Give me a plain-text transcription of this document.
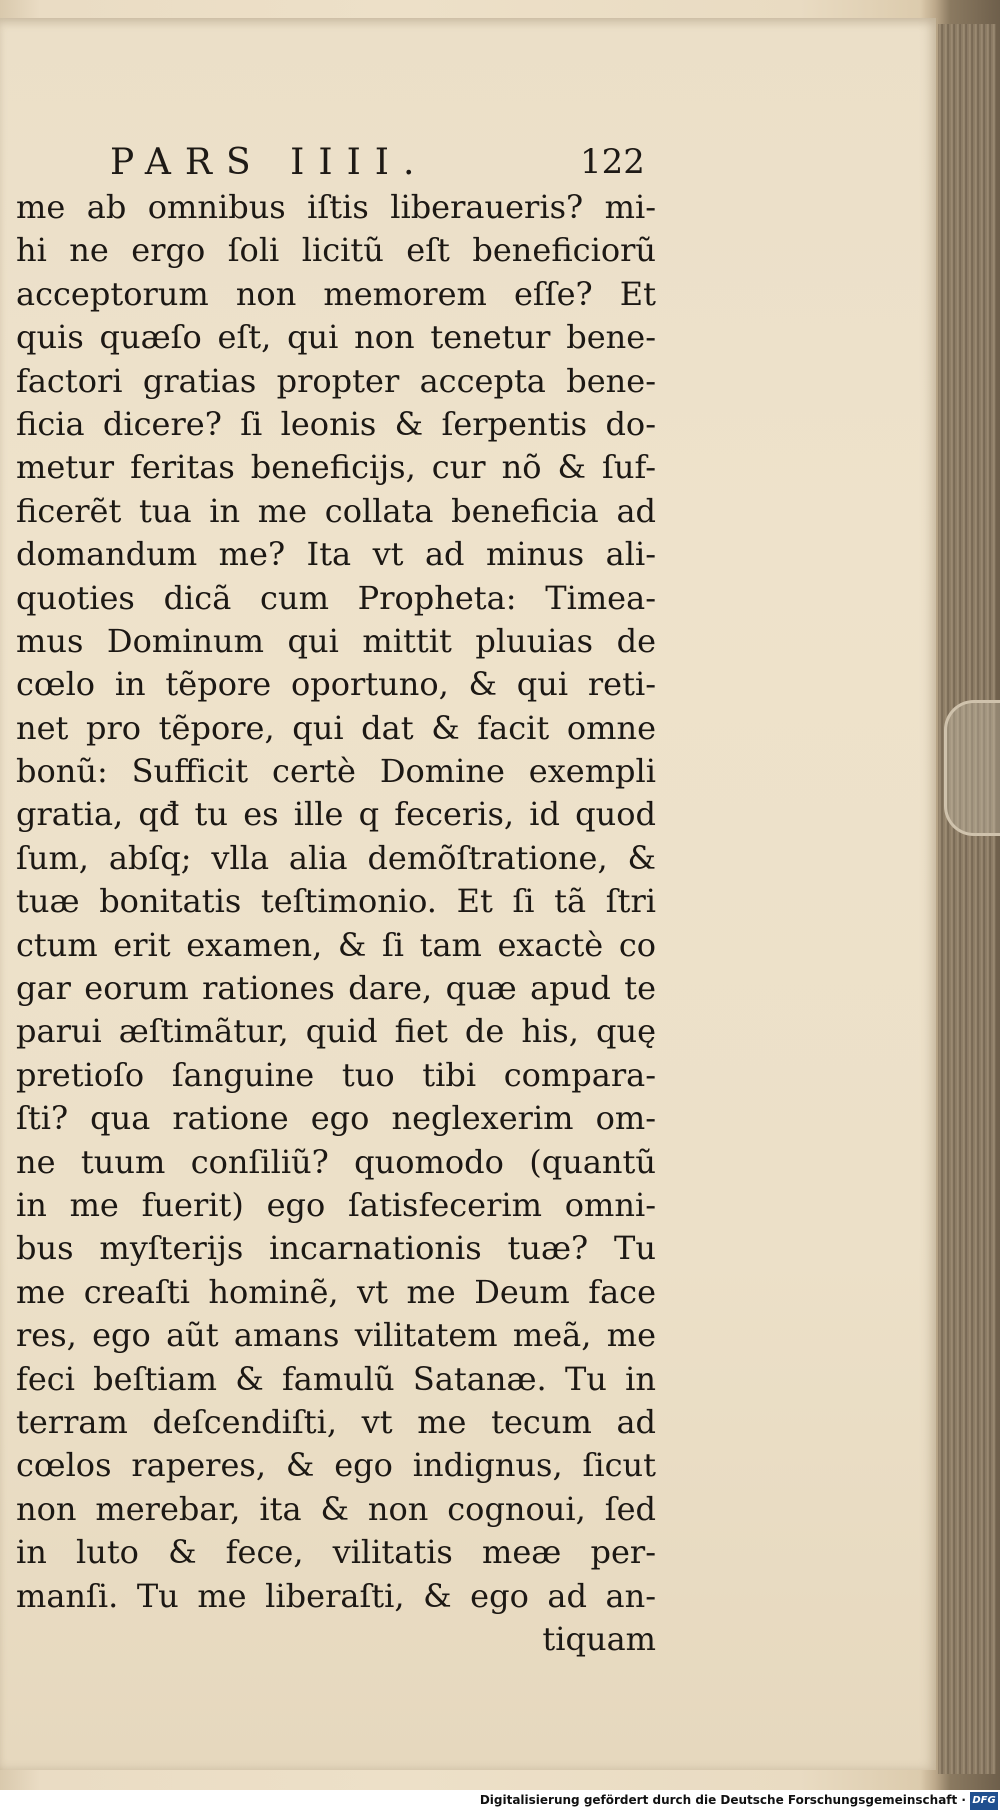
PARS IIII.	122
me ab omnibus iſtis liberaueris? mi-
hi ne ergo ſoli licitũ eſt beneficiorũ
acceptorum non memorem eſſe? Et
quis quæſo eſt, qui non tenetur bene-
factori gratias propter accepta bene-
ficia dicere? ſi leonis & ſerpentis do-
metur feritas beneficijs, cur nõ & ſuf-
ficerẽt tua in me collata beneficia ad
domandum me? Ita vt ad minus ali-
quoties dicã cum Propheta: Timea-
mus Dominum qui mittit pluuias de
cœlo in tẽpore oportuno, & qui reti-
net pro tẽpore, qui dat & facit omne
bonũ: Sufficit certè Domine exempli
gratia, qđ tu es ille q feceris, id quod
ſum, abſq; vlla alia demõſtratione, &
tuæ bonitatis teſtimonio. Et ſi tã ſtri
ctum erit examen, & ſi tam exactè co
gar eorum rationes dare, quæ apud te
parui æſtimãtur, quid fiet de his, quę
pretioſo ſanguine tuo tibi compara-
ſti? qua ratione ego neglexerim om-
ne tuum conſiliũ? quomodo (quantũ
in me fuerit) ego ſatisfecerim omni-
bus myſterijs incarnationis tuæ? Tu
me creaſti hominẽ, vt me Deum face
res, ego aũt amans vilitatem meã, me
feci beſtiam & famulũ Satanæ. Tu in
terram deſcendiſti, vt me tecum ad
cœlos raperes, & ego indignus, ſicut
non merebar, ita & non cognoui, ſed
in luto & fece, vilitatis meæ per-
manſi. Tu me liberaſti, & ego ad an-
tiquam
Digitalisierung gefördert durch die Deutsche Forschungsgemeinschaft · DFG
